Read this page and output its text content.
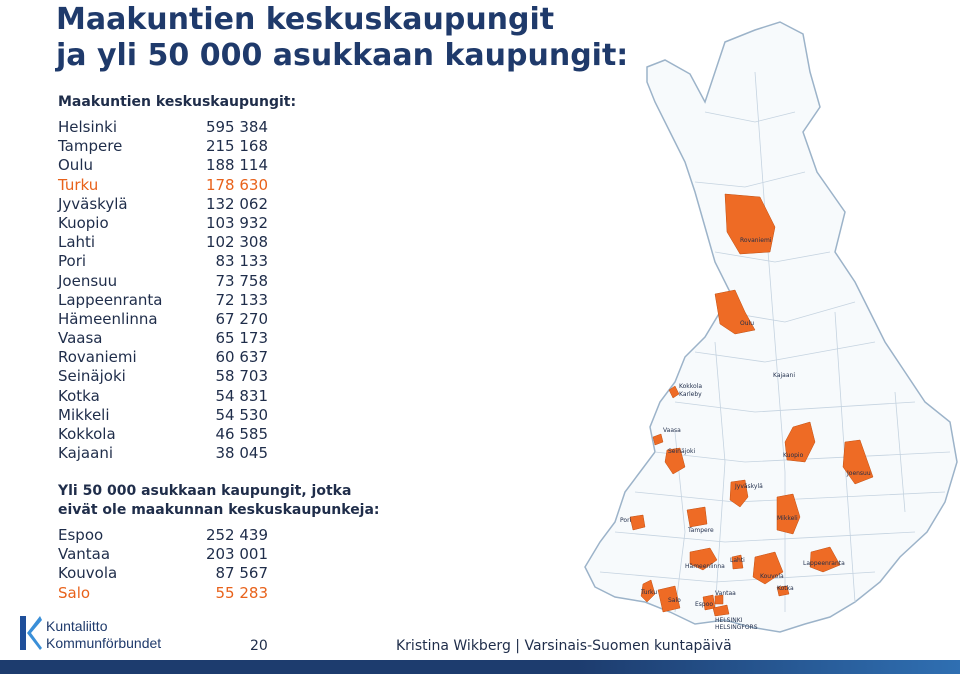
Maakuntien keskuskaupungit
ja yli 50 000 asukkaan kaupungit:
Maakuntien keskuskaupungit:
Helsinki	595 384
Tampere	215 168
Oulu	188 114
Turku	178 630
Jyväskylä	132 062
Kuopio	103 932
Lahti	102 308
Pori	83 133
Joensuu	73 758
Lappeenranta	72 133
Hämeenlinna	67 270
Vaasa	65 173
Rovaniemi	60 637
Seinäjoki	58 703
Kotka	54 831
Mikkeli	54 530
Kokkola	46 585
Kajaani	38 045
Yli 50 000 asukkaan kaupungit, jotka
eivät ole maakunnan keskuskaupunkeja:
Espoo	252 439
Vantaa	203 001
Kouvola	87 567
Salo	55 283
Rovaniemi
Oulu
Kajaani
Kokkola
Karleby
Vaasa
Seinäjoki
Kuopio
Joensuu
Jyväskylä
Pori
Tampere
Mikkeli
Lahti
Hämeenlinna
Kouvola
Lappeenranta
Kotka
Turku
Salo
Espoo
Vantaa
HELSINKI
HELSINGFORS
Kuntaliitto
Kommunförbundet	20	Kristina Wikberg | Varsinais-Suomen kuntapäivä
